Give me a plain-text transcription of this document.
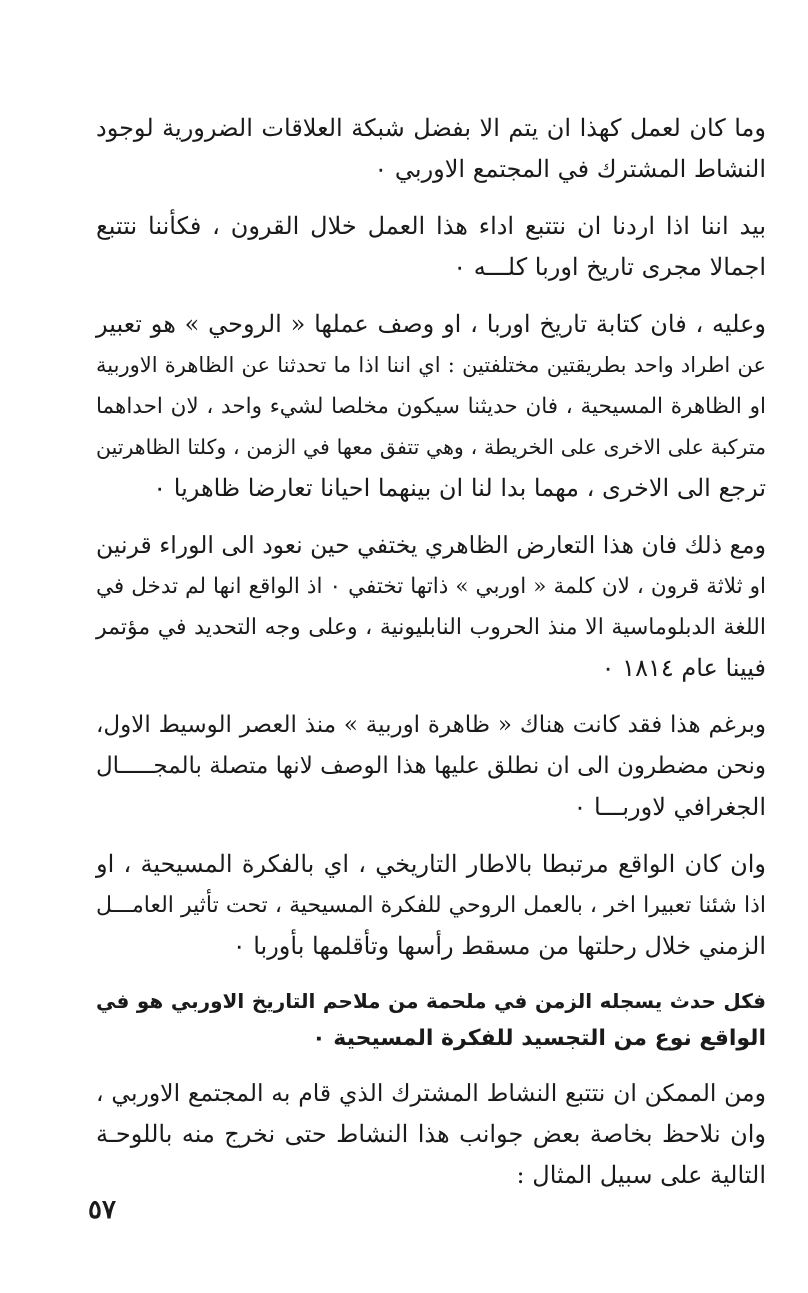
وما كان لعمل كهذا ان يتم الا بفضل شبكة العلاقات الضرورية لوجود
النشاط المشترك في المجتمع الاوربي ٠

بيد اننا اذا اردنا ان نتتبع اداء هذا العمل خلال القرون ، فكأننا نتتبع
اجمالا مجرى تاريخ اوربا كلـــه ٠

وعليه ، فان كتابة تاريخ اوربا ، او وصف عملها « الروحي » هو تعبير
عن اطراد واحد بطريقتين مختلفتين : اي اننا اذا ما تحدثنا عن الظاهرة الاوربية
او الظاهرة المسيحية ، فان حديثنا سيكون مخلصا لشيء واحد ، لان احداهما
متركبة على الاخرى على الخريطة ، وهي تتفق معها في الزمن ، وكلتا الظاهرتين
ترجع الى الاخرى ، مهما بدا لنا ان بينهما احيانا تعارضا ظاهريا ٠

ومع ذلك فان هذا التعارض الظاهري يختفي حين نعود الى الوراء قرنين
او ثلاثة قرون ، لان كلمة « اوربي » ذاتها تختفي ٠ اذ الواقع انها لم تدخل في
اللغة الدبلوماسية الا منذ الحروب النابليونية ، وعلى وجه التحديد في مؤتمر
فيينا عام ١٨١٤ ٠

وبرغم هذا فقد كانت هناك « ظاهرة اوربية » منذ العصر الوسيط الاول،
ونحن مضطرون الى ان نطلق عليها هذا الوصف لانها متصلة بالمجـــــال
الجغرافي لاوربـــا ٠

وان كان الواقع مرتبطا بالاطار التاريخي ، اي بالفكرة المسيحية ، او
اذا شئنا تعبيرا اخر ، بالعمل الروحي للفكرة المسيحية ، تحت تأثير العامـــل
الزمني خلال رحلتها من مسقط رأسها وتأقلمها بأوربا ٠

فكل حدث يسجله الزمن في ملحمة من ملاحم التاريخ الاوربي هو في
الواقع نوع من التجسيد للفكرة المسيحية ٠

ومن الممكن ان نتتبع النشاط المشترك الذي قام به المجتمع الاوربي ،
وان نلاحظ بخاصة بعض جوانب هذا النشاط حتى نخرج منه باللوحـة
التالية على سبيل المثال :

٥٧
